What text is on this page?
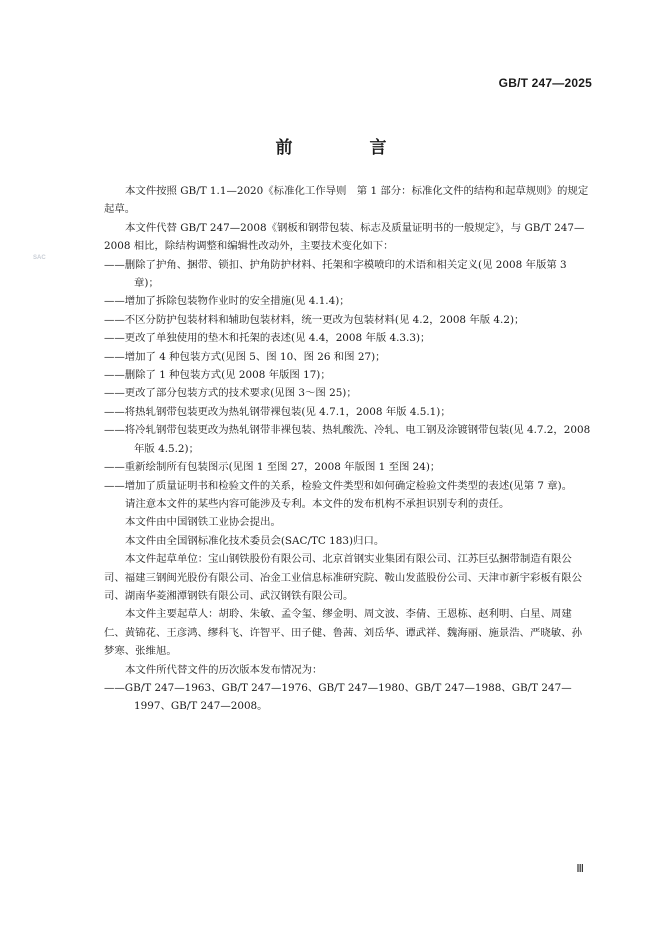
GB/T 247—2025
前　言
SAC

本文件按照 GB/T 1.1—2020《标准化工作导则　第 1 部分：标准化文件的结构和起草规则》的规定起草。

本文件代替 GB/T 247—2008《钢板和钢带包装、标志及质量证明书的一般规定》，与 GB/T 247—2008 相比，除结构调整和编辑性改动外，主要技术变化如下：

——删除了护角、捆带、锁扣、护角防护材料、托架和字模喷印的术语和相关定义(见 2008 年版第 3 章)；

——增加了拆除包装物作业时的安全措施(见 4.1.4)；

——不区分防护包装材料和辅助包装材料，统一更改为包装材料(见 4.2，2008 年版 4.2)；

——更改了单独使用的垫木和托架的表述(见 4.4，2008 年版 4.3.3)；

——增加了 4 种包装方式(见图 5、图 10、图 26 和图 27)；

——删除了 1 种包装方式(见 2008 年版图 17)；

——更改了部分包装方式的技术要求(见图 3～图 25)；

——将热轧钢带包装更改为热轧钢带裸包装(见 4.7.1，2008 年版 4.5.1)；

——将冷轧钢带包装更改为热轧钢带非裸包装、热轧酸洗、冷轧、电工钢及涂镀钢带包装(见 4.7.2，2008 年版 4.5.2)；

——重新绘制所有包装图示(见图 1 至图 27，2008 年版图 1 至图 24)；

——增加了质量证明书和检验文件的关系，检验文件类型和如何确定检验文件类型的表述(见第 7 章)。

请注意本文件的某些内容可能涉及专利。本文件的发布机构不承担识别专利的责任。

本文件由中国钢铁工业协会提出。

本文件由全国钢标准化技术委员会(SAC/TC 183)归口。

本文件起草单位：宝山钢铁股份有限公司、北京首钢实业集团有限公司、江苏巨弘捆带制造有限公司、福建三钢闽光股份有限公司、冶金工业信息标准研究院、鞍山发蓝股份公司、天津市新宇彩板有限公司、湖南华菱湘潭钢铁有限公司、武汉钢铁有限公司。

本文件主要起草人：胡聆、朱敏、孟令玺、缪金明、周文波、李倩、王恩栋、赵利明、白星、周建仁、黄锦花、王彦鸿、缪科飞、许智平、田子健、鲁茜、刘岳华、谭武祥、魏海丽、施景浩、严晓敏、孙梦寒、张维旭。

本文件所代替文件的历次版本发布情况为：

——GB/T 247—1963、GB/T 247—1976、GB/T 247—1980、GB/T 247—1988、GB/T 247—1997、GB/T 247—2008。

Ⅲ
